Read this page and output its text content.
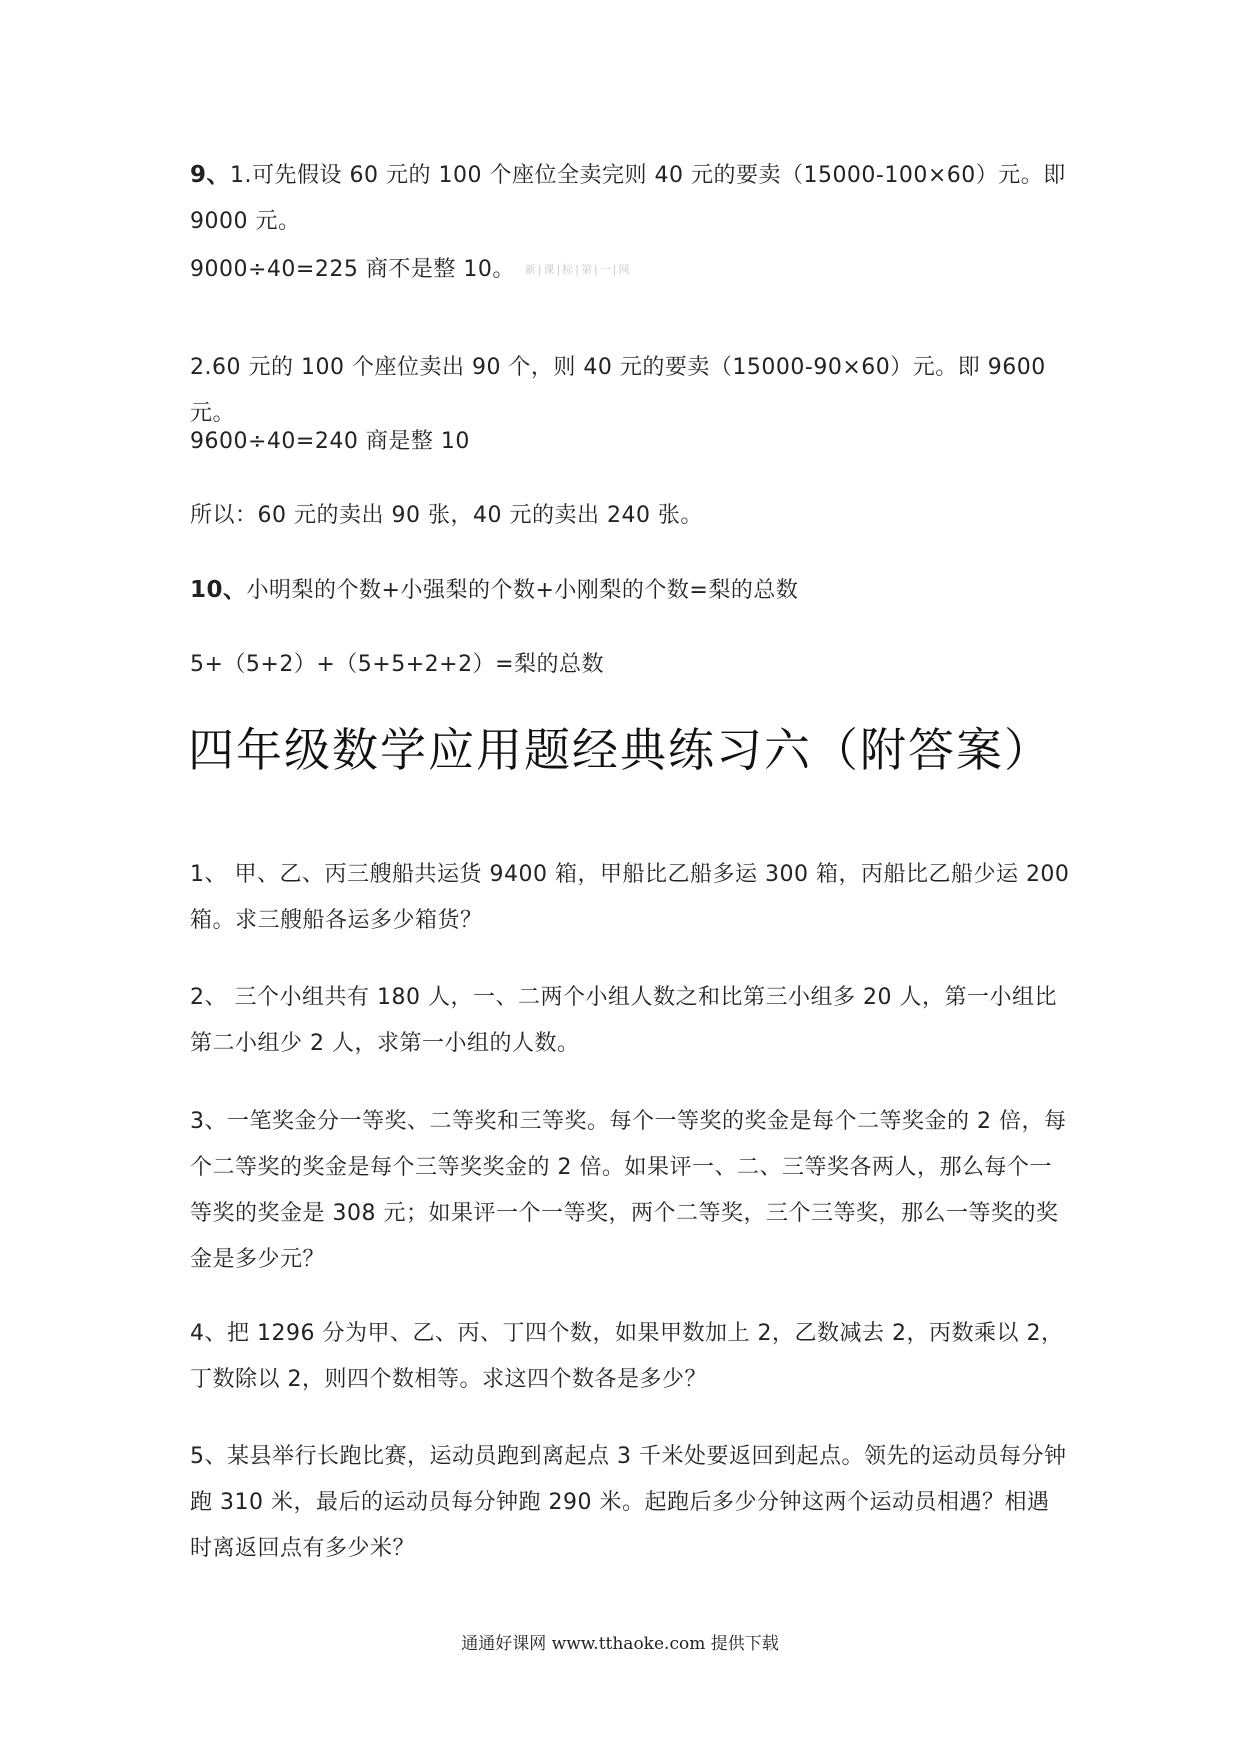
9、1.可先假设 60 元的 100 个座位全卖完则 40 元的要卖（15000-100×60）元。即 9000 元。
9000÷40=225 商不是整 10。 新|课|标|第|一|网
2.60 元的 100 个座位卖出 90 个，则 40 元的要卖（15000-90×60）元。即 9600 元。
9600÷40=240 商是整 10
所以：60 元的卖出 90 张，40 元的卖出 240 张。
10、小明梨的个数+小强梨的个数+小刚梨的个数=梨的总数
5+（5+2）+（5+5+2+2）=梨的总数
四年级数学应用题经典练习六（附答案）
1、 甲、乙、丙三艘船共运货 9400 箱，甲船比乙船多运 300 箱，丙船比乙船少运 200 箱。求三艘船各运多少箱货？
2、 三个小组共有 180 人，一、二两个小组人数之和比第三小组多 20 人，第一小组比第二小组少 2 人，求第一小组的人数。
3、一笔奖金分一等奖、二等奖和三等奖。每个一等奖的奖金是每个二等奖金的 2 倍，每个二等奖的奖金是每个三等奖奖金的 2 倍。如果评一、二、三等奖各两人，那么每个一等奖的奖金是 308 元；如果评一个一等奖，两个二等奖，三个三等奖，那么一等奖的奖金是多少元？
4、把 1296 分为甲、乙、丙、丁四个数，如果甲数加上 2，乙数减去 2，丙数乘以 2，丁数除以 2，则四个数相等。求这四个数各是多少？
5、某县举行长跑比赛，运动员跑到离起点 3 千米处要返回到起点。领先的运动员每分钟跑 310 米，最后的运动员每分钟跑 290 米。起跑后多少分钟这两个运动员相遇？相遇时离返回点有多少米？
通通好课网 www.tthaoke.com 提供下载
